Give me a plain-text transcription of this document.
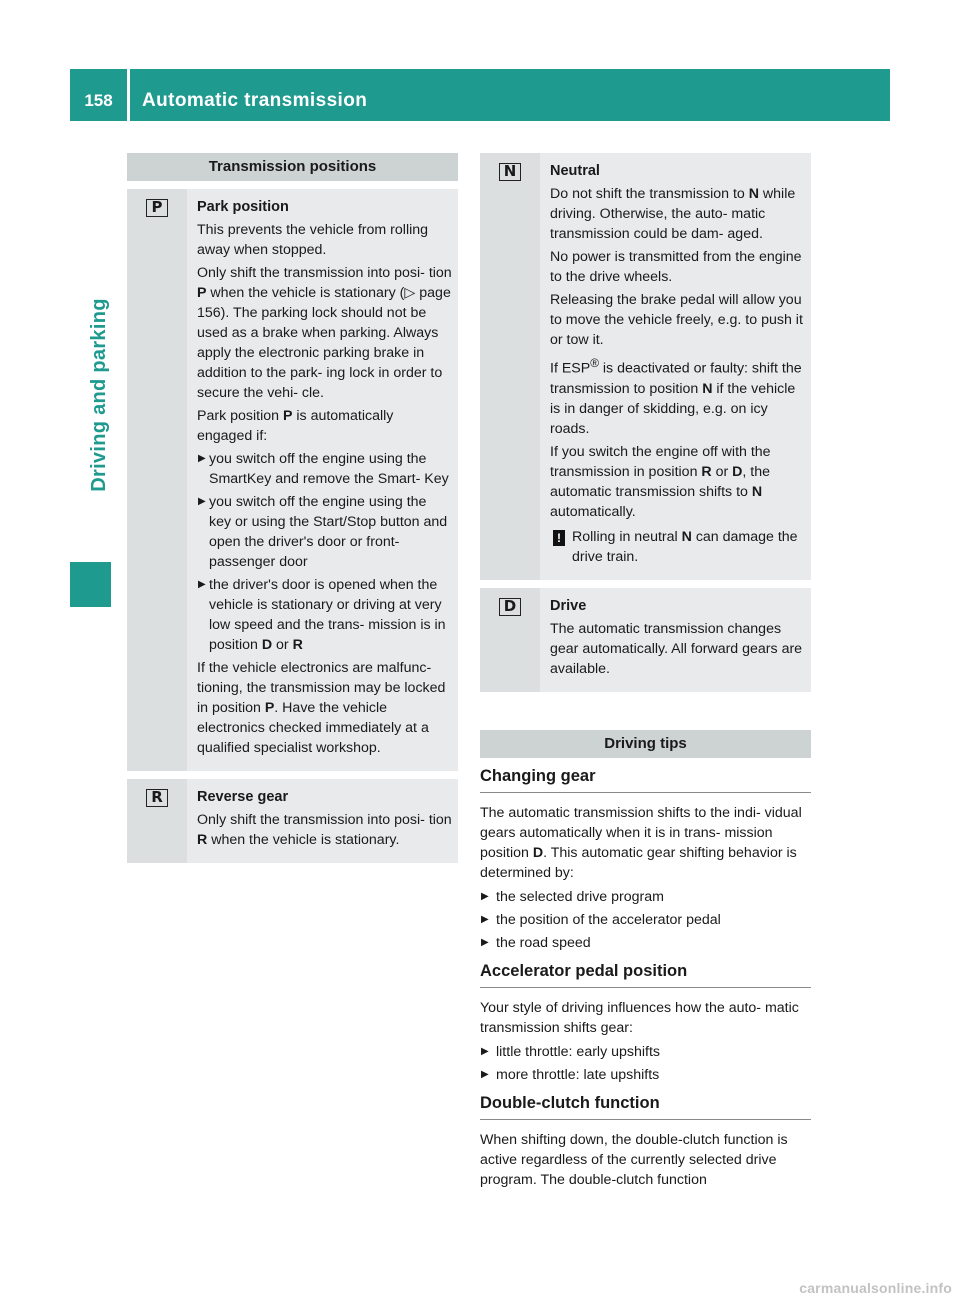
158	Automatic transmission
Driving and parking
Transmission positions
P	Park position

This prevents the vehicle from rolling away when stopped.

Only shift the transmission into posi- tion P when the vehicle is stationary (▷ page 156). The parking lock should not be used as a brake when parking. Always apply the electronic parking brake in addition to the park- ing lock in order to secure the vehi- cle.

Park position P is automatically engaged if:

▶ you switch off the engine using the SmartKey and remove the Smart- Key
▶ you switch off the engine using the key or using the Start/Stop button and open the driver's door or front- passenger door
▶ the driver's door is opened when the vehicle is stationary or driving at very low speed and the trans- mission is in position D or R

If the vehicle electronics are malfunc- tioning, the transmission may be locked in position P. Have the vehicle electronics checked immediately at a qualified specialist workshop.

R	Reverse gear

Only shift the transmission into posi- tion R when the vehicle is stationary.

N	Neutral

Do not shift the transmission to N while driving. Otherwise, the auto- matic transmission could be dam- aged.

No power is transmitted from the engine to the drive wheels.

Releasing the brake pedal will allow you to move the vehicle freely, e.g. to push it or tow it.

If ESP® is deactivated or faulty: shift the transmission to position N if the vehicle is in danger of skidding, e.g. on icy roads.

If you switch the engine off with the transmission in position R or D, the automatic transmission shifts to N automatically.

! Rolling in neutral N can damage the drive train.
D	Drive

The automatic transmission changes gear automatically. All forward gears are available.

Driving tips
Changing gear

The automatic transmission shifts to the indi- vidual gears automatically when it is in trans- mission position D. This automatic gear shifting behavior is determined by:

▶ the selected drive program
▶ the position of the accelerator pedal
▶ the road speed
Accelerator pedal position

Your style of driving influences how the auto- matic transmission shifts gear:

▶ little throttle: early upshifts
▶ more throttle: late upshifts
Double-clutch function

When shifting down, the double-clutch function is active regardless of the currently selected drive program. The double-clutch function

carmanualsonline.info
